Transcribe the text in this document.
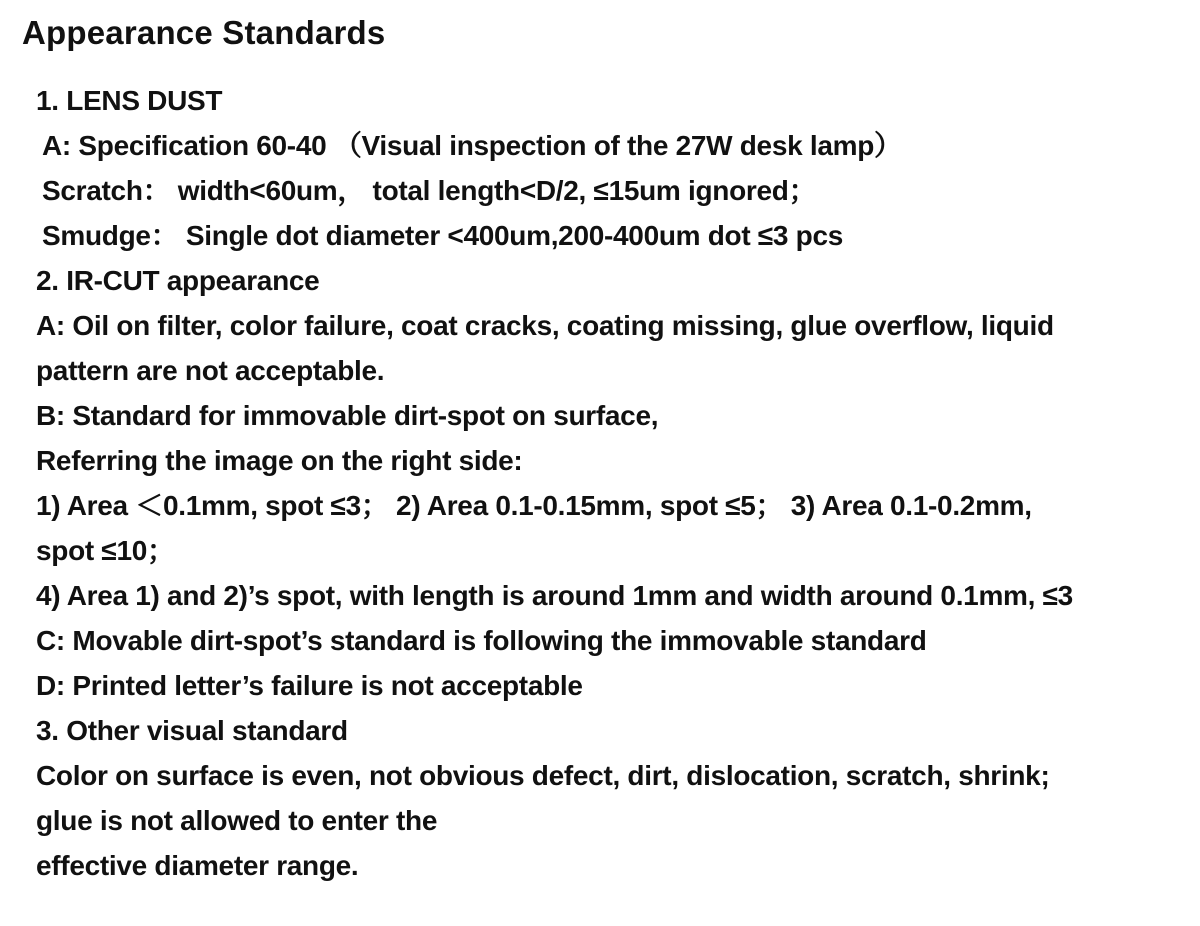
Appearance Standards
1. LENS DUST
A: Specification 60-40 （Visual inspection of the 27W desk lamp）
Scratch： width<60um， total length<D/2, ≤15um ignored；
Smudge： Single dot diameter <400um,200-400um dot ≤3 pcs
2. IR-CUT appearance
A: Oil on filter, color failure, coat cracks, coating missing, glue overflow, liquid
pattern are not acceptable.
B: Standard for immovable dirt-spot on surface,
Referring the image on the right side:
1) Area ＜0.1mm, spot ≤3； 2) Area 0.1-0.15mm, spot ≤5； 3) Area 0.1-0.2mm,
spot ≤10；
4) Area 1) and 2)’s spot, with length is around 1mm and width around 0.1mm, ≤3
C: Movable dirt-spot’s standard is following the immovable standard
D: Printed letter’s failure is not acceptable
3. Other visual standard
Color on surface is even, not obvious defect, dirt, dislocation, scratch, shrink;
glue is not allowed to enter the
effective diameter range.
